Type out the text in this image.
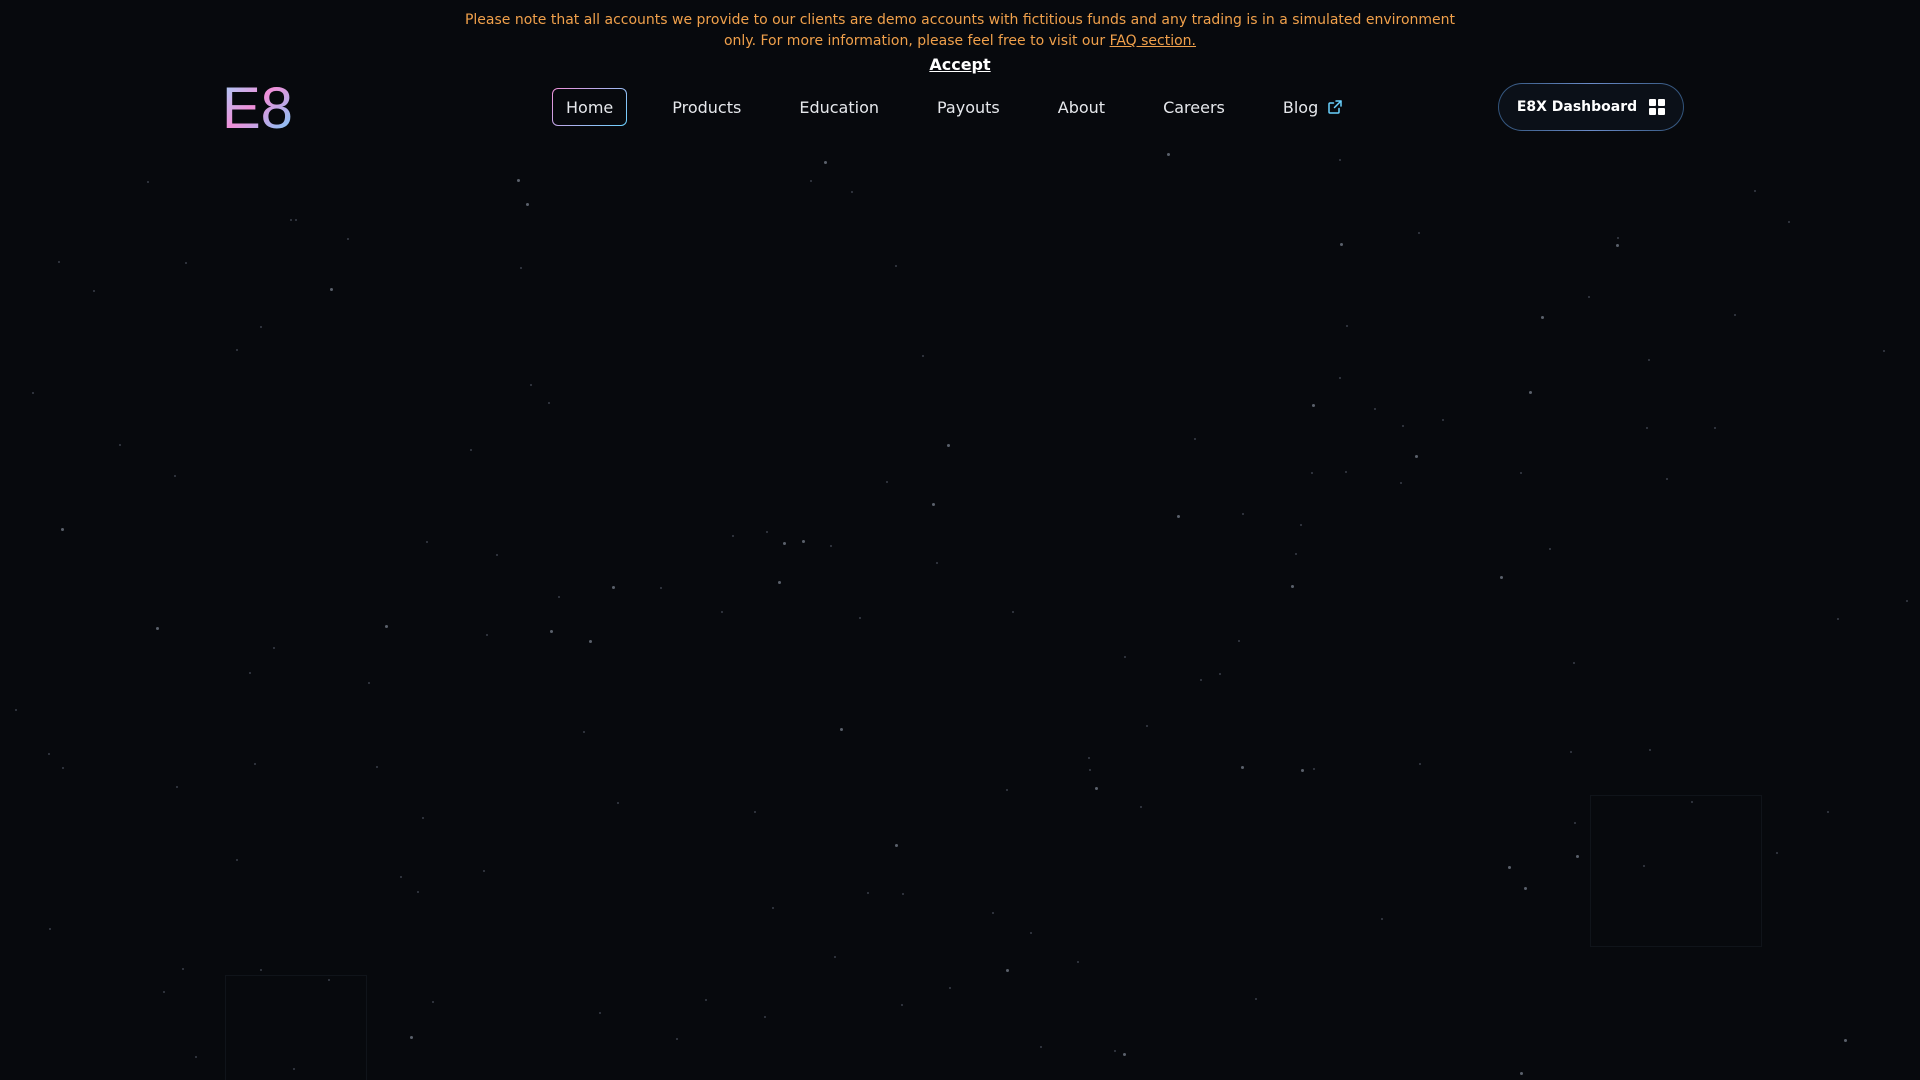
Please note that all accounts we provide to our clients are demo accounts with fictitious funds and any trading is in a simulated environment only. For more information, please feel free to visit our FAQ section.
Accept
E8	Home	Products	Education	Payouts	About	Careers	Blog	E8X Dashboard
